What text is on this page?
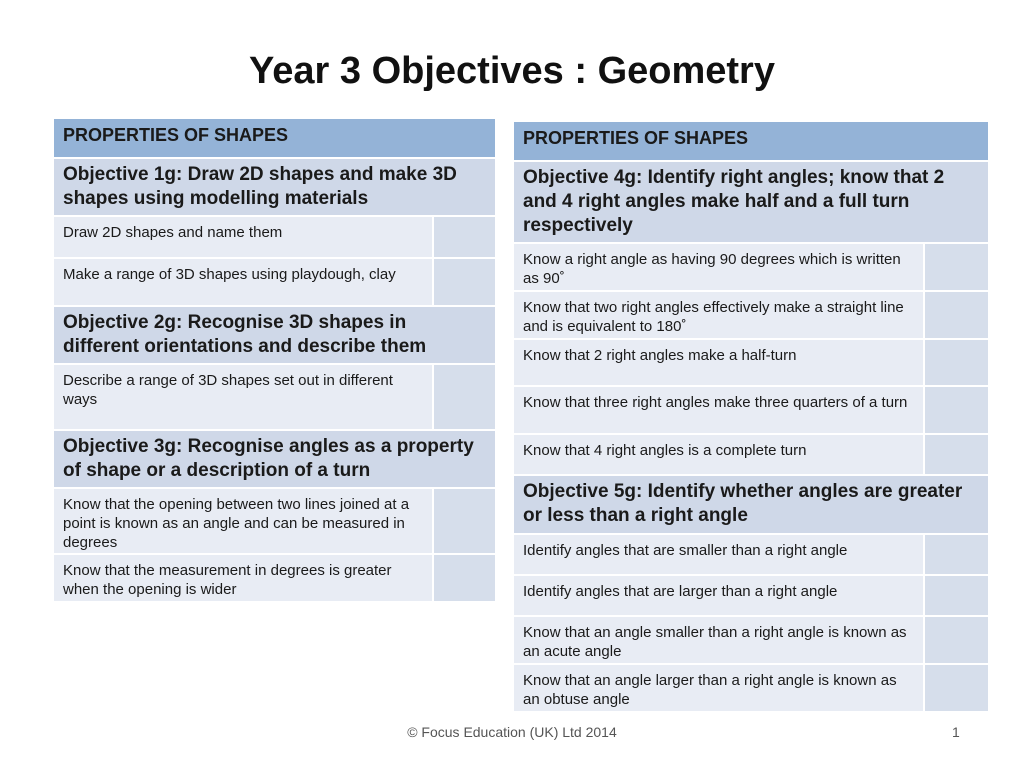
Year 3 Objectives : Geometry
PROPERTIES OF SHAPES	
Objective 1g: Draw 2D shapes and make 3D shapes using modelling materials	
Draw 2D shapes and name them	
Make a range of 3D shapes using playdough, clay	
Objective 2g: Recognise 3D shapes in different orientations and describe them	
Describe a range of 3D shapes set out in different ways	
Objective 3g: Recognise angles as a property of shape or a description of a turn	
Know that the opening between two lines joined at a point is known as an angle and can be measured in degrees	
Know that the measurement in degrees is greater when the opening is wider	
PROPERTIES OF SHAPES	
Objective 4g: Identify right angles; know that 2 and 4 right angles make half and a full turn respectively	
Know a right angle as having 90 degrees which is written as 90˚	
Know that two right angles effectively make a straight line and is equivalent to 180˚	
Know that 2 right angles make a half-turn	
Know that three right angles make three quarters of a turn	
Know that 4 right angles is a complete turn	
Objective 5g: Identify whether angles are greater or less than a right angle	
Identify angles that are smaller than a right angle	
Identify angles that are larger than a right angle	
Know that an angle smaller than a right angle is known as an acute angle	
Know that an angle larger than a right angle is known as an obtuse angle	
© Focus Education (UK) Ltd 2014	1
